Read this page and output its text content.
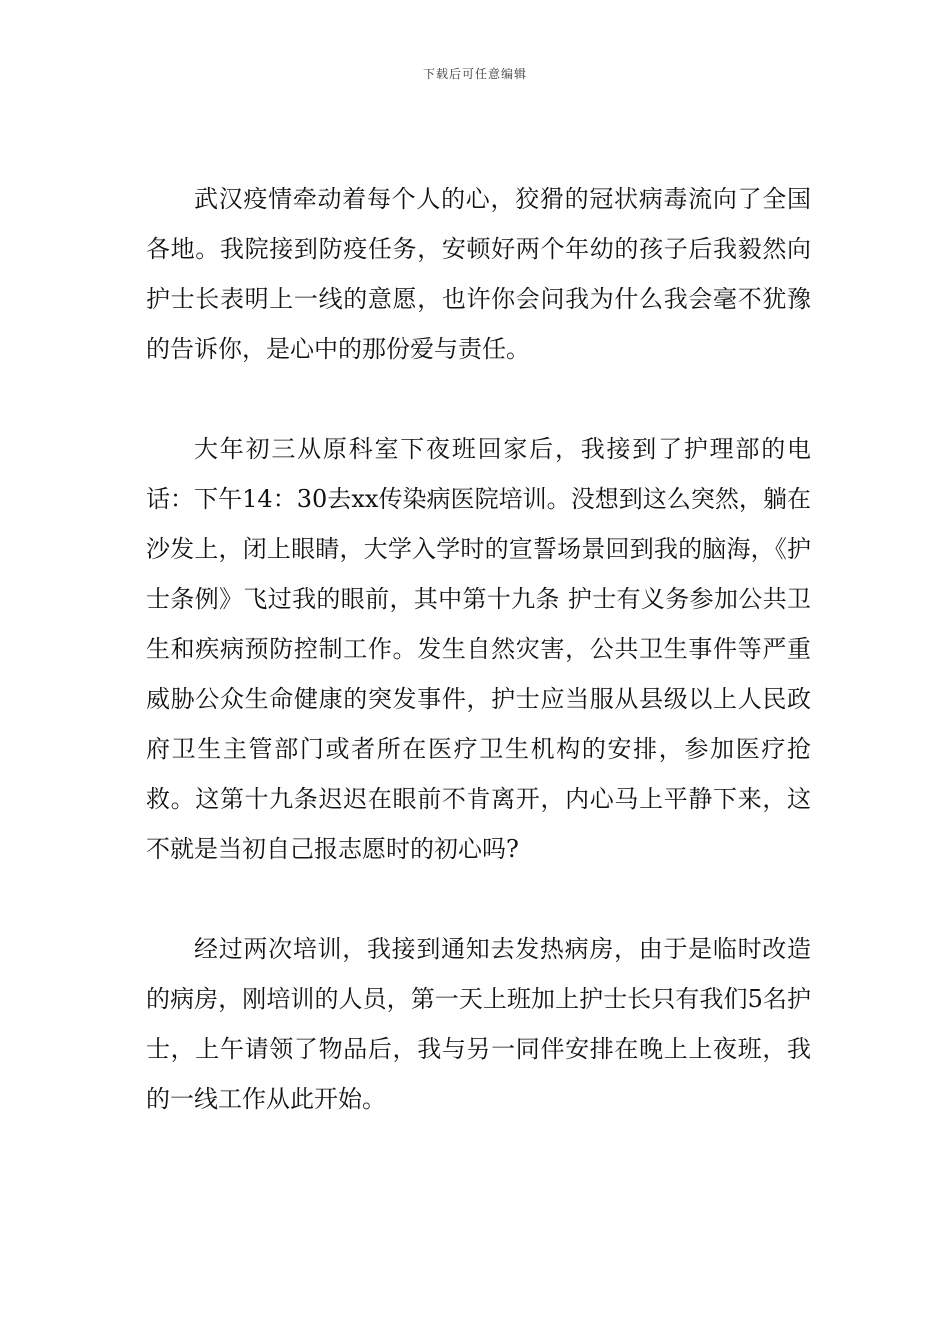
下载后可任意编辑

武汉疫情牵动着每个人的心，狡猾的冠状病毒流向了全国各地。我院接到防疫任务，安顿好两个年幼的孩子后我毅然向护士长表明上一线的意愿，也许你会问我为什么我会毫不犹豫的告诉你，是心中的那份爱与责任。

大年初三从原科室下夜班回家后，我接到了护理部的电话：下午14：30去xx传染病医院培训。没想到这么突然，躺在沙发上，闭上眼睛，大学入学时的宣誓场景回到我的脑海，《护士条例》飞过我的眼前，其中第十九条 护士有义务参加公共卫生和疾病预防控制工作。发生自然灾害，公共卫生事件等严重威胁公众生命健康的突发事件，护士应当服从县级以上人民政府卫生主管部门或者所在医疗卫生机构的安排，参加医疗抢救。这第十九条迟迟在眼前不肯离开，内心马上平静下来，这不就是当初自己报志愿时的初心吗?

经过两次培训，我接到通知去发热病房，由于是临时改造的病房，刚培训的人员，第一天上班加上护士长只有我们5名护士，上午请领了物品后，我与另一同伴安排在晚上上夜班，我的一线工作从此开始。
